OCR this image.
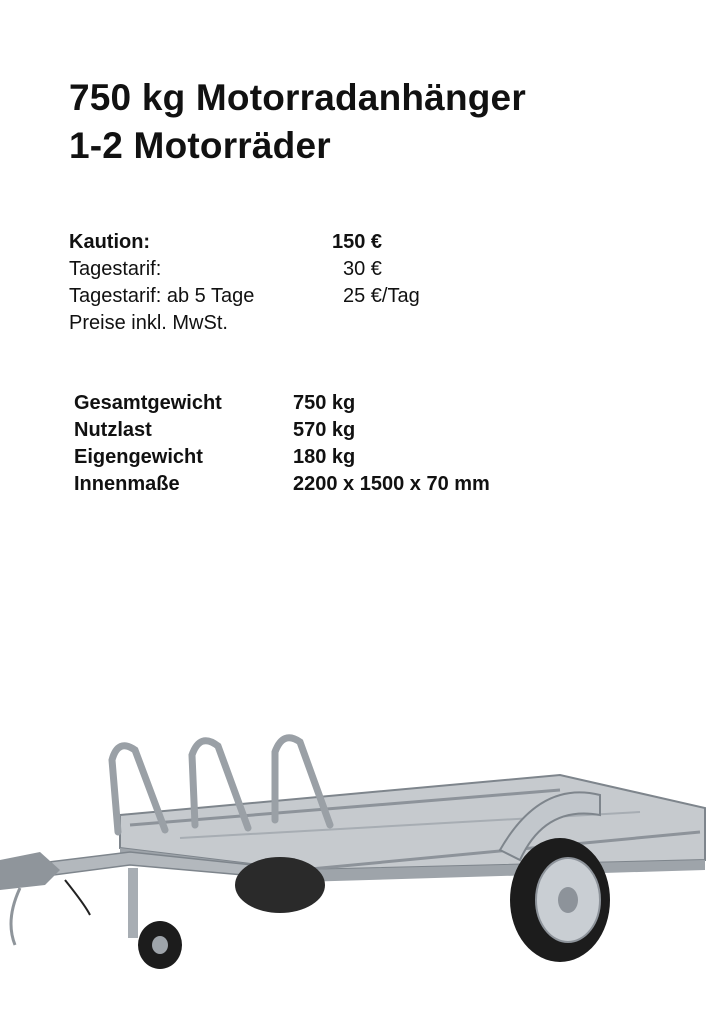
750 kg Motorradanhänger
1-2 Motorräder
Kaution:	150 €
Tagestarif:	30 €
Tagestarif: ab 5 Tage	25 €/Tag
Preise inkl. MwSt.
Gesamtgewicht	750 kg
Nutzlast	570 kg
Eigengewicht	180 kg
Innenmaße	2200 x 1500 x 70 mm
